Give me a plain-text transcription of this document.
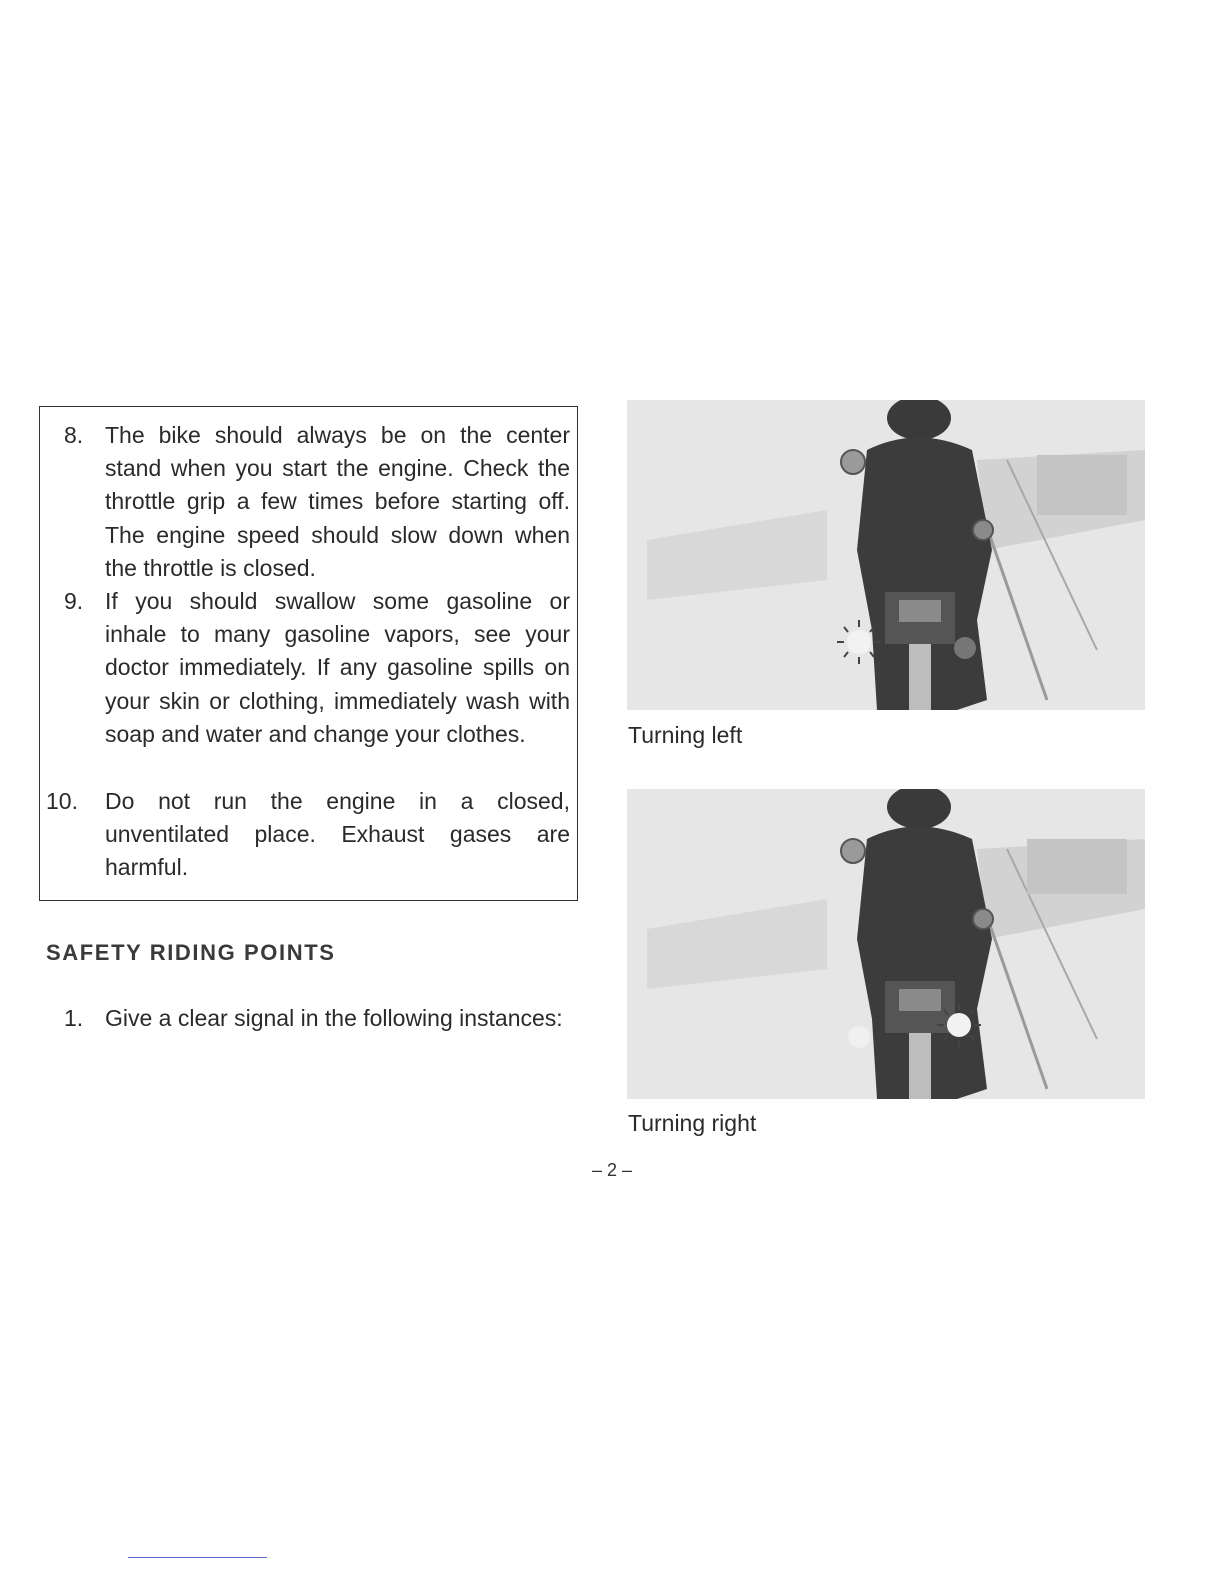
8. The bike should always be on the center stand when you start the engine. Check the throttle grip a few times before starting off. The engine speed should slow down when the throttle is closed.
9. If you should swallow some gasoline or inhale to many gasoline vapors, see your doctor immediately. If any gasoline spills on your skin or clothing, immediately wash with soap and water and change your clothes.
10.	Do not run the engine in a closed, unventilated place. Exhaust gases are harmful.
SAFETY RIDING POINTS
1. Give a clear signal in the following instances:
Turning left
Turning right
– 2 –
